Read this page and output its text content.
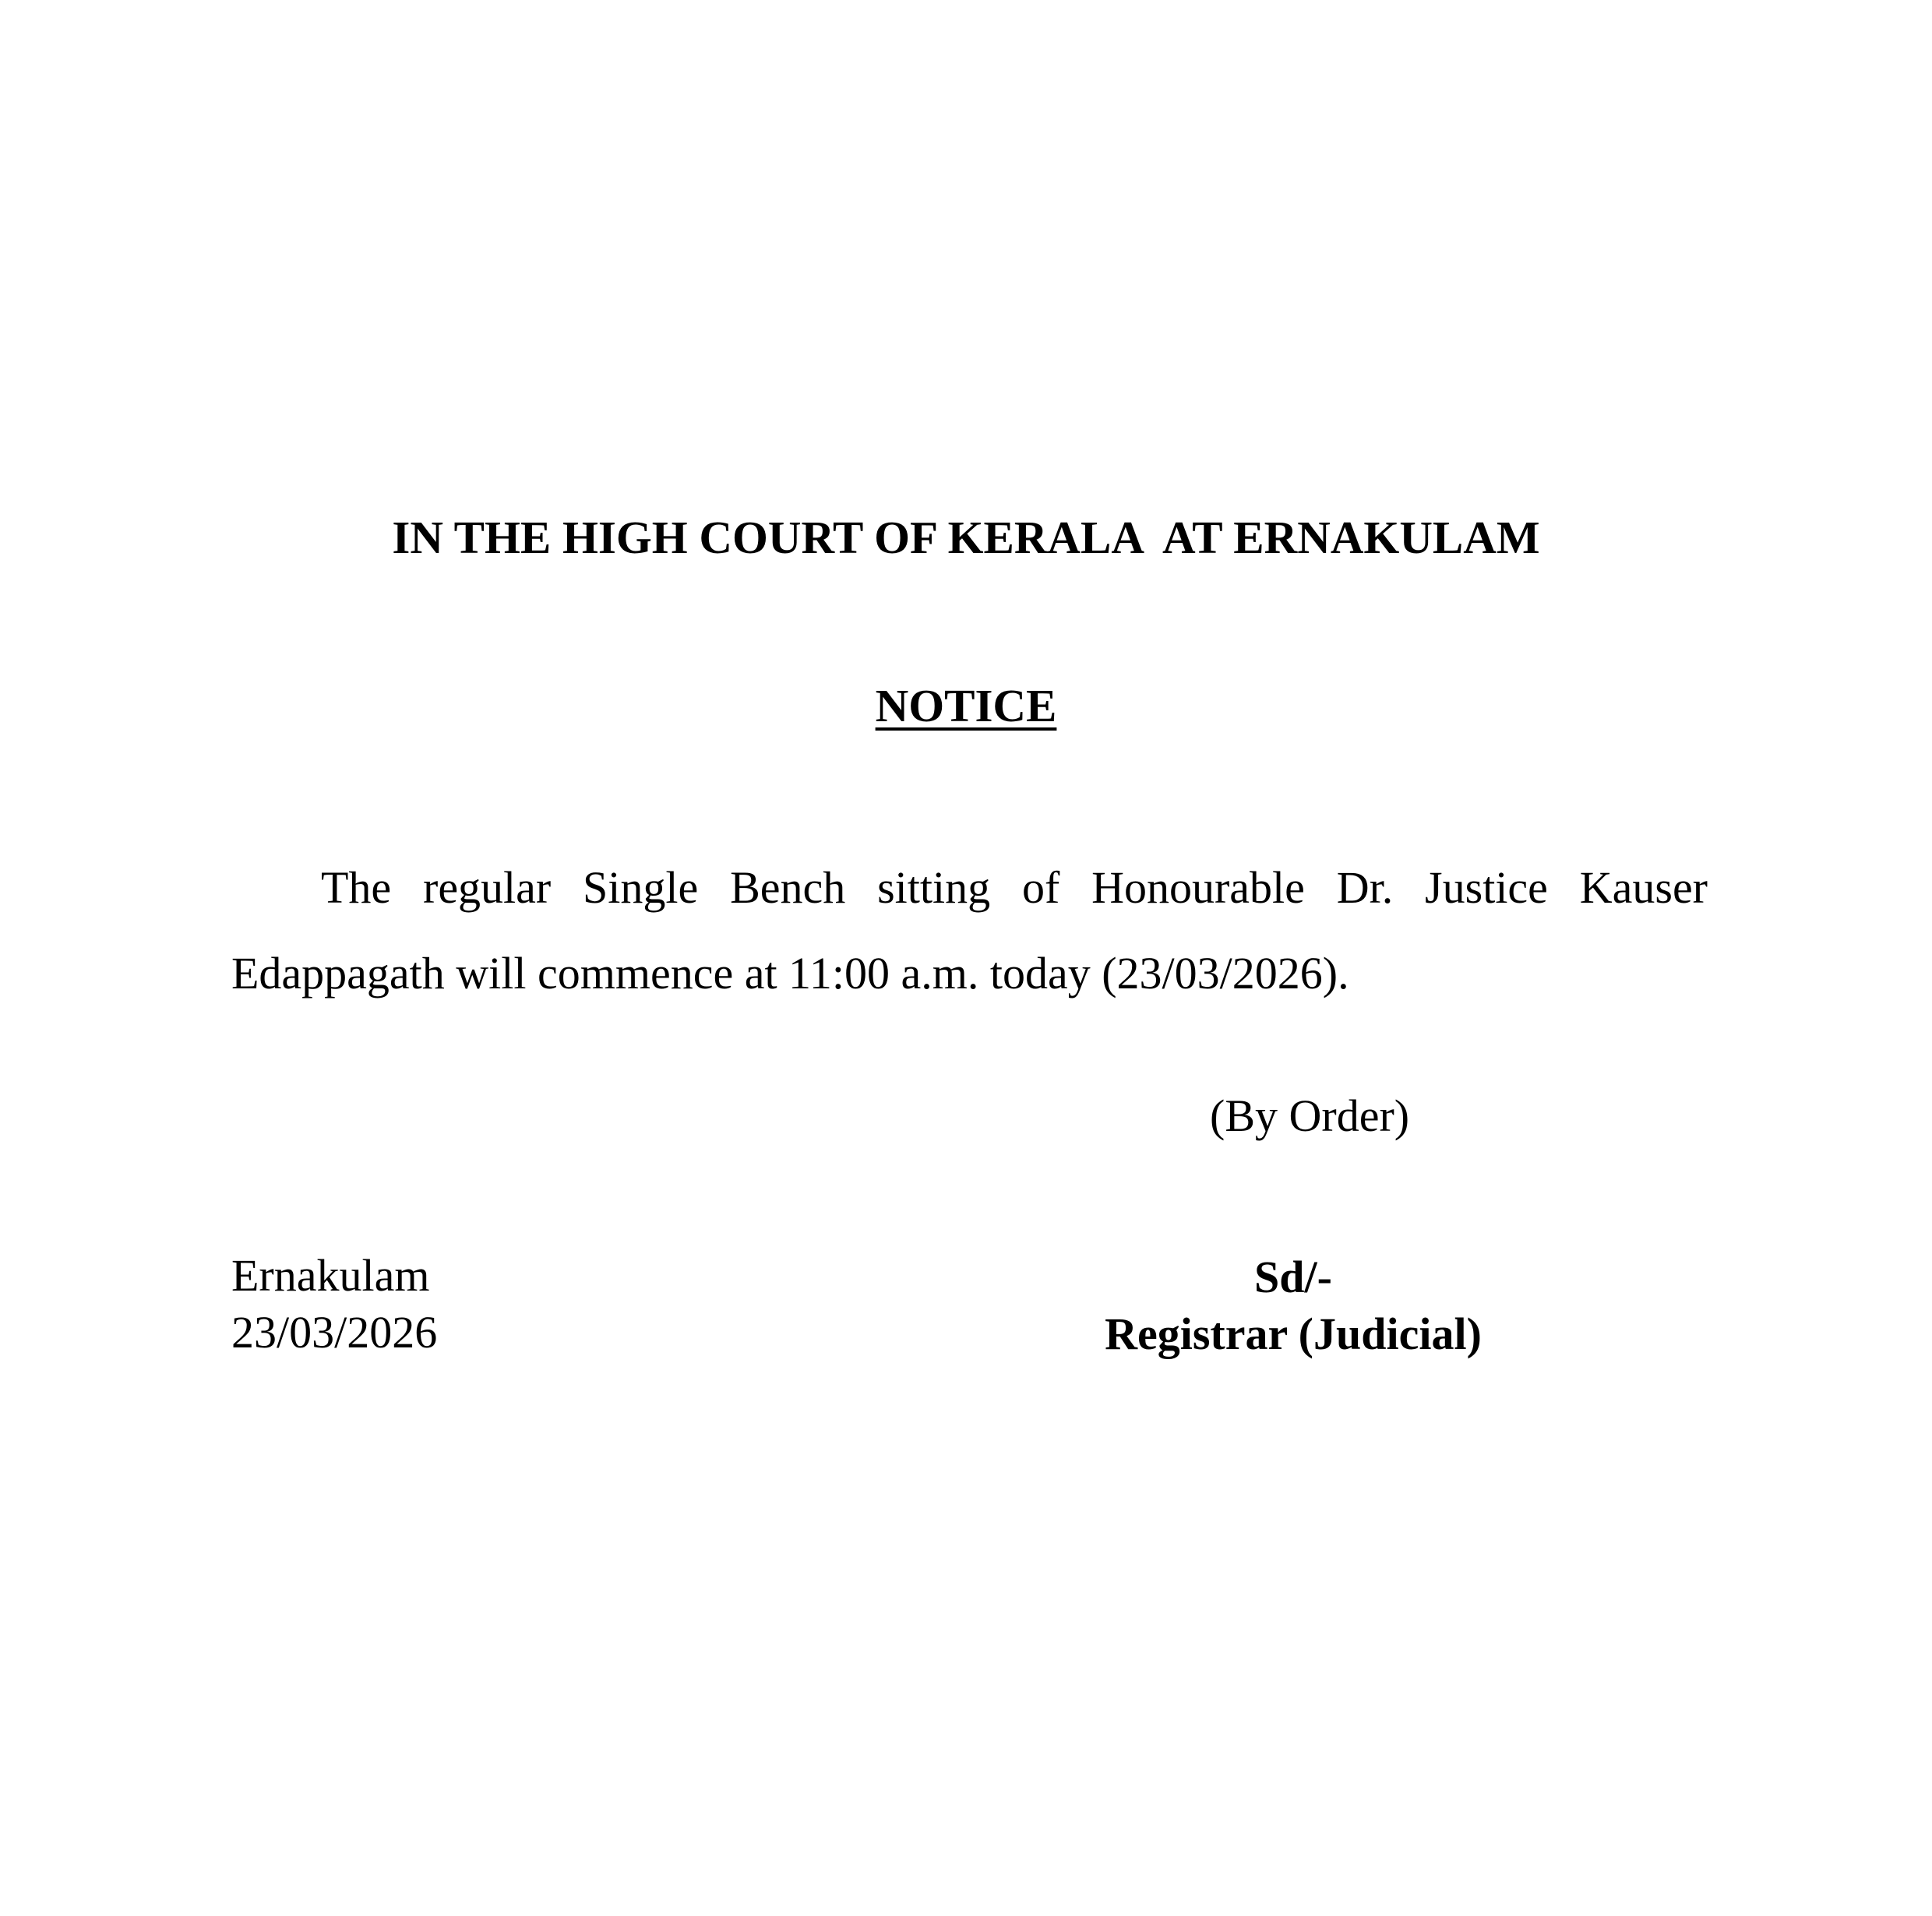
IN THE HIGH COURT OF KERALA  AT ERNAKULAM
NOTICE

The regular Single Bench sitting of Honourable Dr. Justice Kauser Edappagath will commence at 11:00 a.m. today (23/03/2026).

(By Order)
Ernakulam
23/03/2026
Sd/-
Registrar (Judicial)
